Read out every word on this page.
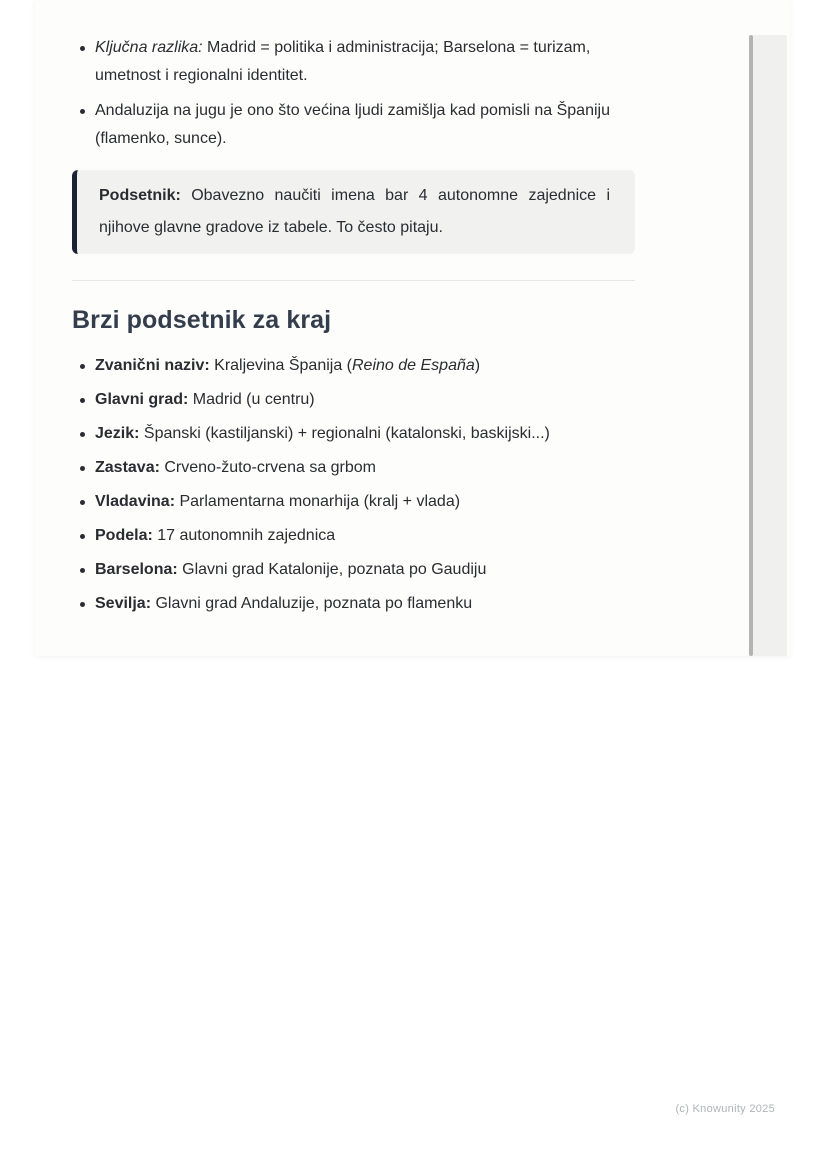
Ključna razlika: Madrid = politika i administracija; Barselona = turizam, umetnost i regionalni identitet.
Andaluzija na jugu je ono što većina ljudi zamišlja kad pomisli na Španiju (flamenko, sunce).

Podsetnik: Obavezno naučiti imena bar 4 autonomne zajednice i njihove glavne gradove iz tabele. To često pitaju.

Brzi podsetnik za kraj
Zvanični naziv: Kraljevina Španija (Reino de España)
Glavni grad: Madrid (u centru)
Jezik: Španski (kastiljanski) + regionalni (katalonski, baskijski...)
Zastava: Crveno-žuto-crvena sa grbom
Vladavina: Parlamentarna monarhija (kralj + vlada)
Podela: 17 autonomnih zajednica
Barselona: Glavni grad Katalonije, poznata po Gaudiju
Sevilja: Glavni grad Andaluzije, poznata po flamenku
(c) Knowunity 2025
